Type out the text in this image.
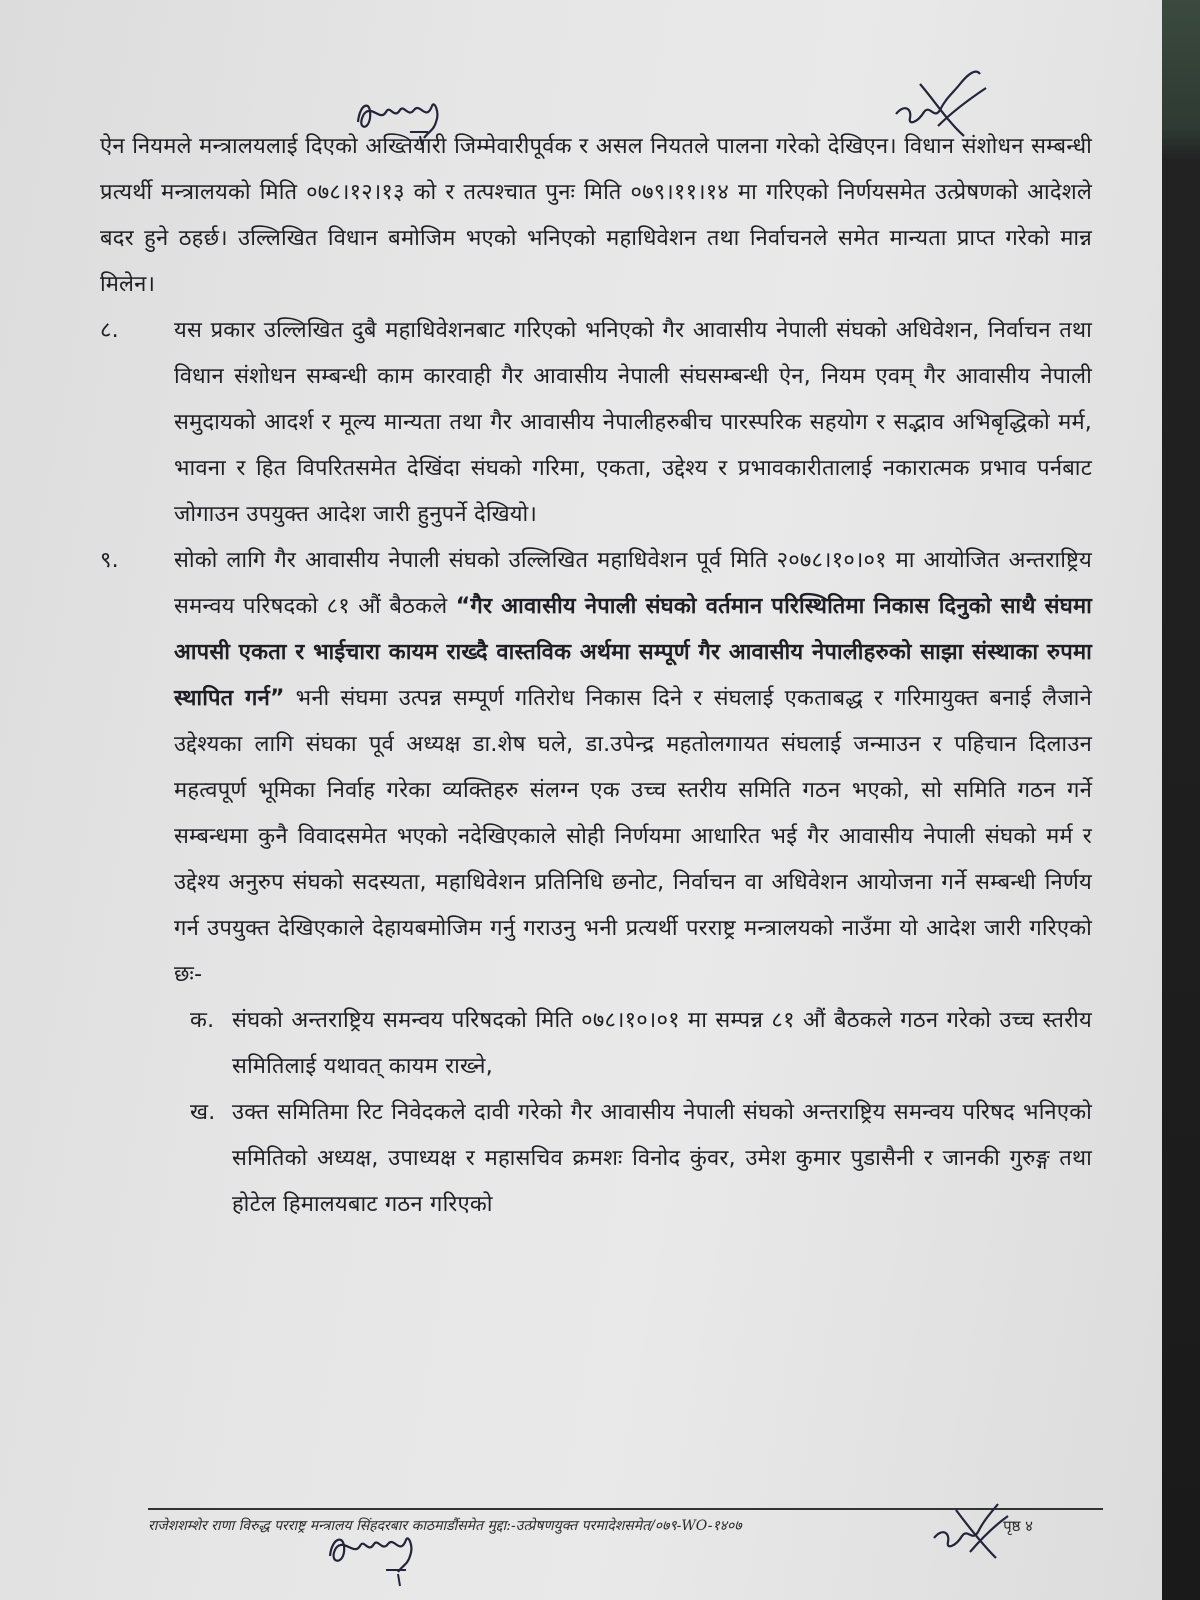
ऐन नियमले मन्त्रालयलाई दिएको अख्तियारी जिम्मेवारीपूर्वक र असल नियतले पालना गरेको देखिएन। विधान संशोधन सम्बन्धी प्रत्यर्थी मन्त्रालयको मिति ०७८।१२।१३ को र तत्पश्चात पुनः मिति ०७९।११।१४ मा गरिएको निर्णयसमेत उत्प्रेषणको आदेशले बदर हुने ठहर्छ। उल्लिखित विधान बमोजिम भएको भनिएको महाधिवेशन तथा निर्वाचनले समेत मान्यता प्राप्त गरेको मान्न मिलेन।

८.	यस प्रकार उल्लिखित दुबै महाधिवेशनबाट गरिएको भनिएको गैर आवासीय नेपाली संघको अधिवेशन, निर्वाचन तथा विधान संशोधन सम्बन्धी काम कारवाही गैर आवासीय नेपाली संघसम्बन्धी ऐन, नियम एवम् गैर आवासीय नेपाली समुदायको आदर्श र मूल्य मान्यता तथा गैर आवासीय नेपालीहरुबीच पारस्परिक सहयोग र सद्भाव अभिबृद्धिको मर्म, भावना र हित विपरितसमेत देखिंदा संघको गरिमा, एकता, उद्देश्य र प्रभावकारीतालाई नकारात्मक प्रभाव पर्नबाट जोगाउन उपयुक्त आदेश जारी हुनुपर्ने देखियो।
९.	सोको लागि गैर आवासीय नेपाली संघको उल्लिखित महाधिवेशन पूर्व मिति २०७८।१०।०१ मा आयोजित अन्तराष्ट्रिय समन्वय परिषदको ८१ औं बैठकले “गैर आवासीय नेपाली संघको वर्तमान परिस्थितिमा निकास दिनुको साथै संघमा आपसी एकता र भाईचारा कायम राख्दै वास्तविक अर्थमा सम्पूर्ण गैर आवासीय नेपालीहरुको साझा संस्थाका रुपमा स्थापित गर्न” भनी संघमा उत्पन्न सम्पूर्ण गतिरोध निकास दिने र संघलाई एकताबद्ध र गरिमायुक्त बनाई लैजाने उद्देश्यका लागि संघका पूर्व अध्यक्ष डा.शेष घले, डा.उपेन्द्र महतोलगायत संघलाई जन्माउन र पहिचान दिलाउन महत्वपूर्ण भूमिका निर्वाह गरेका व्यक्तिहरु संलग्न एक उच्च स्तरीय समिति गठन भएको, सो समिति गठन गर्ने सम्बन्धमा कुनै विवादसमेत भएको नदेखिएकाले सोही निर्णयमा आधारित भई गैर आवासीय नेपाली संघको मर्म र उद्देश्य अनुरुप संघको सदस्यता, महाधिवेशन प्रतिनिधि छनोट, निर्वाचन वा अधिवेशन आयोजना गर्ने सम्बन्धी निर्णय गर्न उपयुक्त देखिएकाले देहायबमोजिम गर्नु गराउनु भनी प्रत्यर्थी परराष्ट्र मन्त्रालयको नाउँमा यो आदेश जारी गरिएको छः-
क. संघको अन्तराष्ट्रिय समन्वय परिषदको मिति ०७८।१०।०१ मा सम्पन्न ८१ औं बैठकले गठन गरेको उच्च स्तरीय समितिलाई यथावत् कायम राख्ने,
ख. उक्त समितिमा रिट निवेदकले दावी गरेको गैर आवासीय नेपाली संघको अन्तराष्ट्रिय समन्वय परिषद भनिएको समितिको अध्यक्ष, उपाध्यक्ष र महासचिव क्रमशः विनोद कुंवर, उमेश कुमार पुडासैनी र जानकी गुरुङ्ग तथा होटेल हिमालयबाट गठन गरिएको
राजेशशम्शेर राणा विरुद्ध परराष्ट्र मन्त्रालय सिंहदरबार काठमाडौंसमेत मुद्दा:-उत्प्रेषणयुक्त परमादेशसमेत/०७९-WO-१४०७	पृष्ठ ४
